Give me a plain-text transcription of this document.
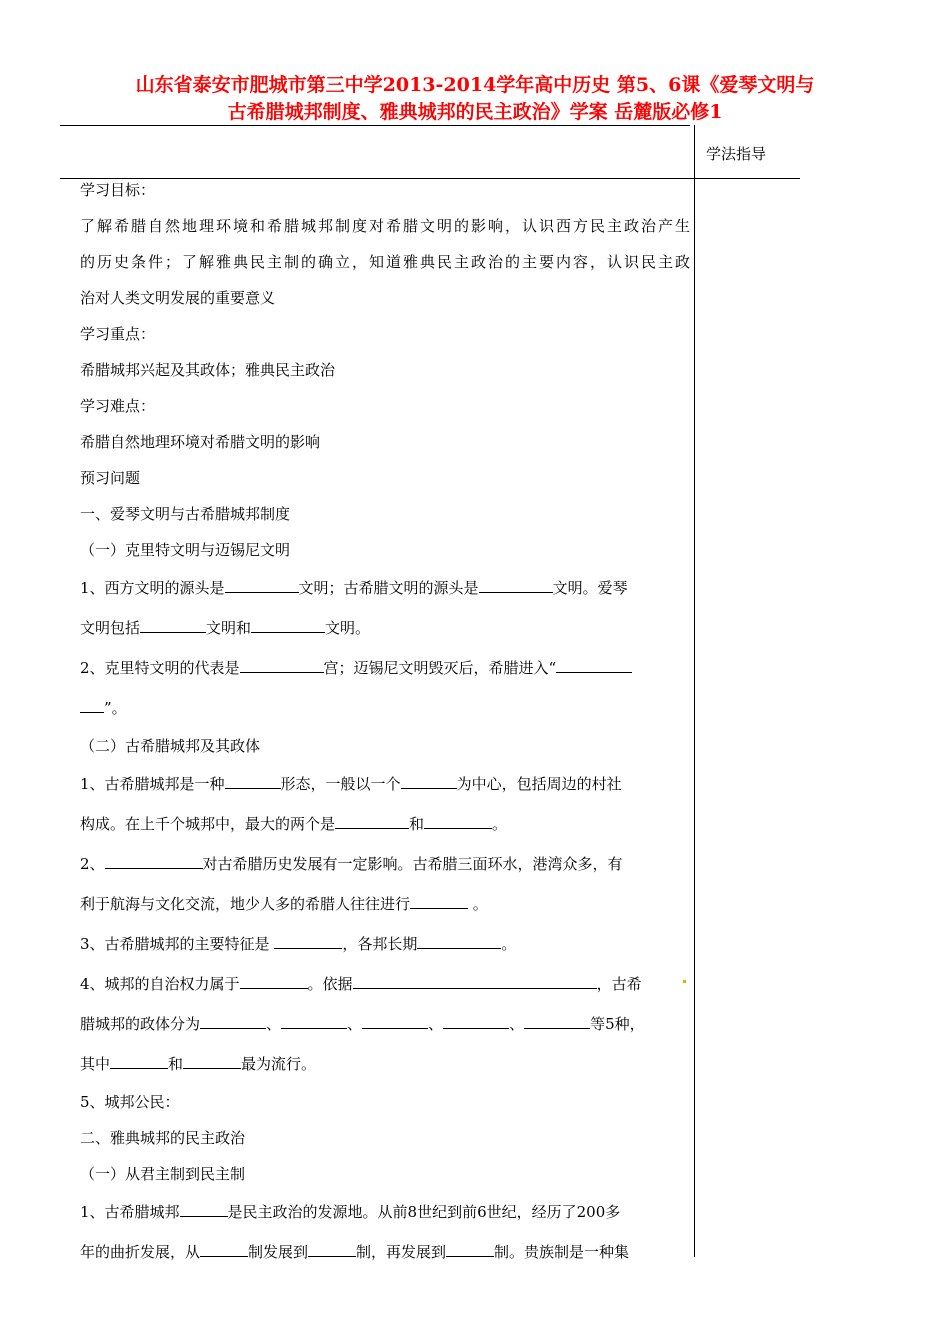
山东省泰安市肥城市第三中学2013-2014学年高中历史 第5、6课《爱琴文明与
古希腊城邦制度、雅典城邦的民主政治》学案 岳麓版必修1
学法指导

学习目标：

了解希腊自然地理环境和希腊城邦制度对希腊文明的影响，认识西方民主政治产生

的历史条件；了解雅典民主制的确立，知道雅典民主政治的主要内容，认识民主政

治对人类文明发展的重要意义

学习重点：

希腊城邦兴起及其政体；雅典民主政治

学习难点：

希腊自然地理环境对希腊文明的影响

预习问题

一、爱琴文明与古希腊城邦制度

（一）克里特文明与迈锡尼文明

1、西方文明的源头是	文明；古希腊文明的源头是	文明。爱琴

文明包括	文明和	文明。

2、克里特文明的代表是	宫；迈锡尼文明毁灭后，希腊进入“

”。

（二）古希腊城邦及其政体

1、古希腊城邦是一种	形态，一般以一个	为中心，包括周边的村社

构成。在上千个城邦中，最大的两个是	和	。

2、	对古希腊历史发展有一定影响。古希腊三面环水，港湾众多，有

利于航海与文化交流，地少人多的希腊人往往进行	。

3、古希腊城邦的主要特征是	，各邦长期	。

4、城邦的自治权力属于	。依据	，古希

腊城邦的政体分为	、	、	、	、	等5种，

其中	和	最为流行。

5、城邦公民：

二、雅典城邦的民主政治

（一）从君主制到民主制

1、古希腊城邦	是民主政治的发源地。从前8世纪到前6世纪，经历了200多

年的曲折发展，从	制发展到	制，再发展到	制。贵族制是一种集
